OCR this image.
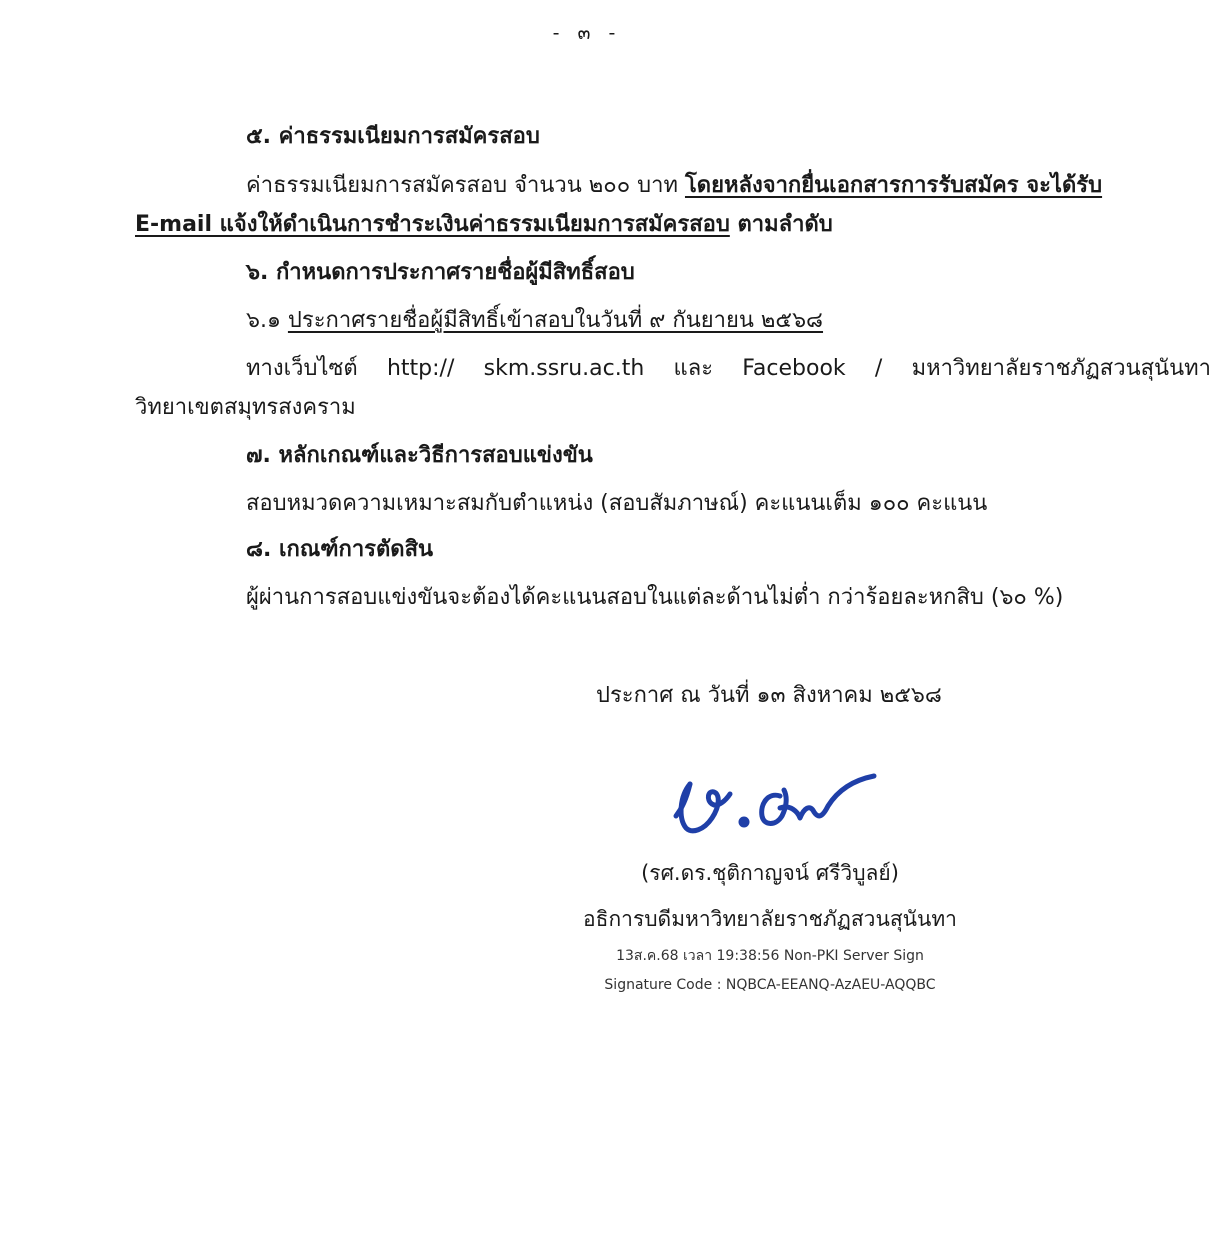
- ๓ -
๕. ค่าธรรมเนียมการสมัครสอบ
ค่าธรรมเนียมการสมัครสอบ จำนวน ๒๐๐ บาท โดยหลังจากยื่นเอกสารการรับสมัคร จะได้รับ
E-mail แจ้งให้ดำเนินการชำระเงินค่าธรรมเนียมการสมัครสอบ ตามลำดับ
๖. กำหนดการประกาศรายชื่อผู้มีสิทธิ์สอบ
๖.๑ ประกาศรายชื่อผู้มีสิทธิ์เข้าสอบในวันที่ ๙ กันยายน ๒๕๖๘
ทางเว็บไซต์ http:// skm.ssru.ac.th และ Facebook / มหาวิทยาลัยราชภัฏสวนสุนันทา
วิทยาเขตสมุทรสงคราม
๗. หลักเกณฑ์และวิธีการสอบแข่งขัน
สอบหมวดความเหมาะสมกับตำแหน่ง (สอบสัมภาษณ์) คะแนนเต็ม ๑๐๐ คะแนน
๘. เกณฑ์การตัดสิน
ผู้ผ่านการสอบแข่งขันจะต้องได้คะแนนสอบในแต่ละด้านไม่ต่ำ กว่าร้อยละหกสิบ (๖๐ %)
ประกาศ ณ วันที่ ๑๓ สิงหาคม ๒๕๖๘
(รศ.ดร.ชุติกาญจน์ ศรีวิบูลย์)
อธิการบดีมหาวิทยาลัยราชภัฏสวนสุนันทา
13ส.ค.68 เวลา 19:38:56 Non-PKI Server Sign
Signature Code : NQBCA-EEANQ-AzAEU-AQQBC
